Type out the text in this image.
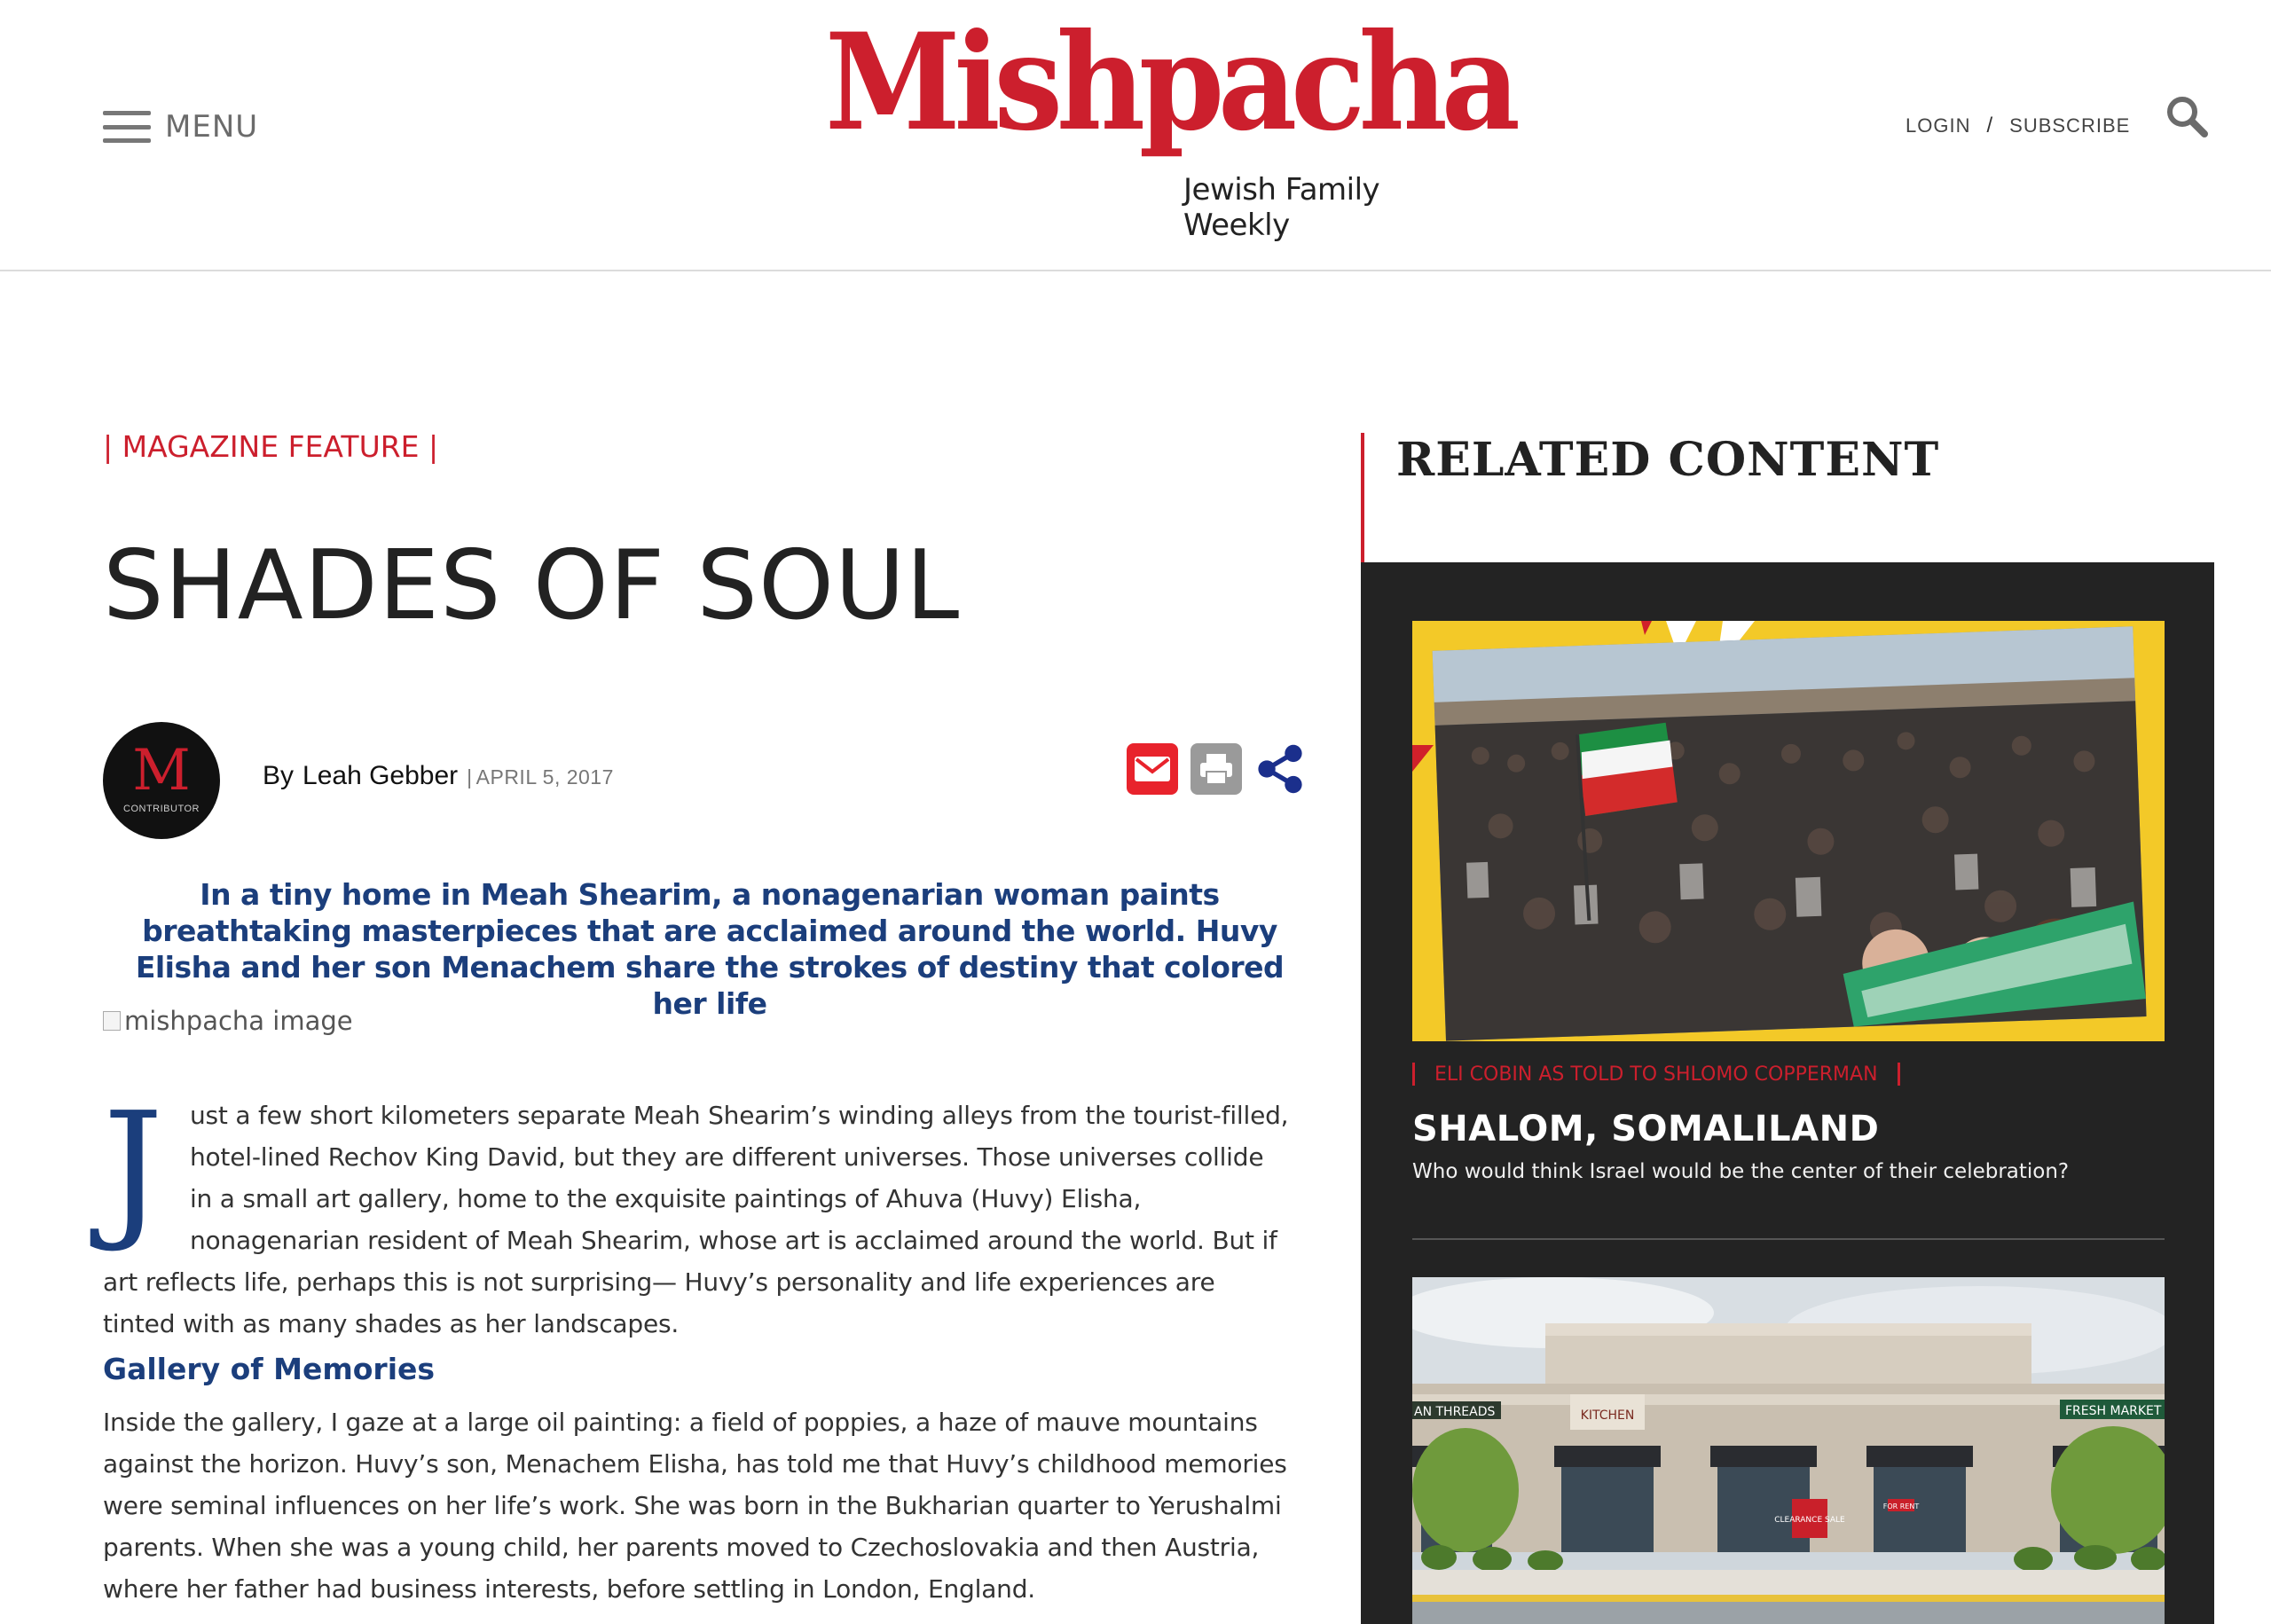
MENU	Mishpacha
Jewish Family Weekly
LOGIN / SUBSCRIBE
| MAGAZINE FEATURE |
SHADES OF SOUL
M
CONTRIBUTOR
By Leah Gebber | APRIL 5, 2017
In a tiny home in Meah Shearim, a nonagenarian woman paints breathtaking masterpieces that are acclaimed around the world. Huvy Elisha and her son Menachem share the strokes of destiny that colored her life
mishpacha image
J ust a few short kilometers separate Meah Shearim’s winding alleys from the tourist-filled, hotel-lined Rechov King David, but they are different universes. Those universes collide in a small art gallery, home to the exquisite paintings of Ahuva (Huvy) Elisha, nonagenarian resident of Meah Shearim, whose art is acclaimed around the world. But if art reflects life, perhaps this is not surprising— Huvy’s personality and life experiences are tinted with as many shades as her landscapes.
Gallery of Memories
Inside the gallery, I gaze at a large oil painting: a field of poppies, a haze of mauve mountains against the horizon. Huvy’s son, Menachem Elisha, has told me that Huvy’s childhood memories were seminal influences on her life’s work. She was born in the Bukharian quarter to Yerushalmi parents. When she was a young child, her parents moved to Czechoslovakia and then Austria, where her father had business interests, before settling in London, England.
RELATED CONTENT
ELI COBIN AS TOLD TO SHLOMO COPPERMAN
SHALOM, SOMALILAND
Who would think Israel would be the center of their celebration?
AN THREADS	KITCHEN	FRESH MARKET
CLEARANCE SALE
FOR RENT
